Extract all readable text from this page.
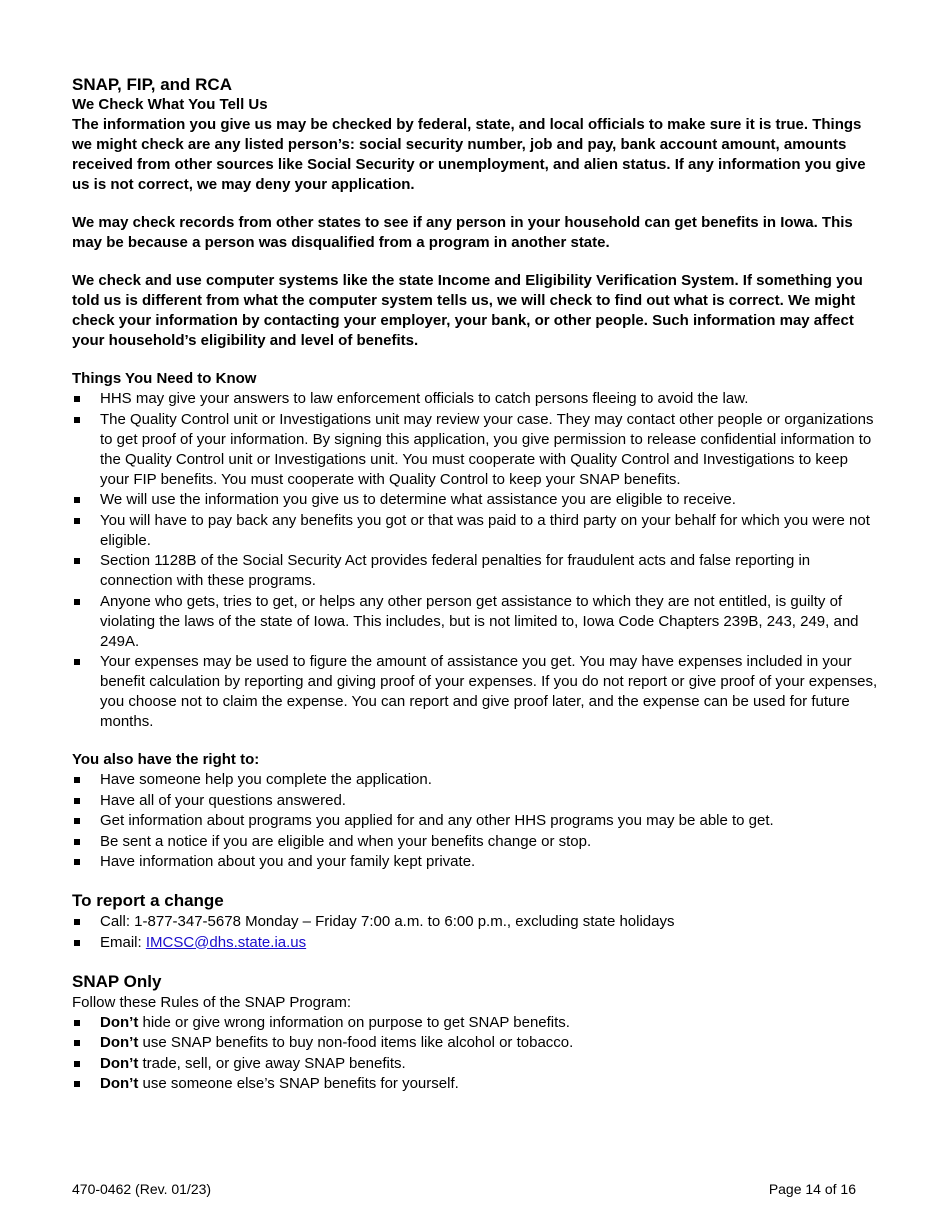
SNAP, FIP, and RCA
We Check What You Tell Us

The information you give us may be checked by federal, state, and local officials to make sure it is true. Things we might check are any listed person’s: social security number, job and pay, bank account amount, amounts received from other sources like Social Security or unemployment, and alien status. If any information you give us is not correct, we may deny your application.

We may check records from other states to see if any person in your household can get benefits in Iowa. This may be because a person was disqualified from a program in another state.

We check and use computer systems like the state Income and Eligibility Verification System. If something you told us is different from what the computer system tells us, we will check to find out what is correct. We might check your information by contacting your employer, your bank, or other people. Such information may affect your household’s eligibility and level of benefits.

Things You Need to Know
HHS may give your answers to law enforcement officials to catch persons fleeing to avoid the law.
The Quality Control unit or Investigations unit may review your case. They may contact other people or organizations to get proof of your information. By signing this application, you give permission to release confidential information to the Quality Control unit or Investigations unit. You must cooperate with Quality Control and Investigations to keep your FIP benefits. You must cooperate with Quality Control to keep your SNAP benefits.
We will use the information you give us to determine what assistance you are eligible to receive.
You will have to pay back any benefits you got or that was paid to a third party on your behalf for which you were not eligible.
Section 1128B of the Social Security Act provides federal penalties for fraudulent acts and false reporting in connection with these programs.
Anyone who gets, tries to get, or helps any other person get assistance to which they are not entitled, is guilty of violating the laws of the state of Iowa. This includes, but is not limited to, Iowa Code Chapters 239B, 243, 249, and 249A.
Your expenses may be used to figure the amount of assistance you get. You may have expenses included in your benefit calculation by reporting and giving proof of your expenses. If you do not report or give proof of your expenses, you choose not to claim the expense. You can report and give proof later, and the expense can be used for future months.
You also have the right to:
Have someone help you complete the application.
Have all of your questions answered.
Get information about programs you applied for and any other HHS programs you may be able to get.
Be sent a notice if you are eligible and when your benefits change or stop.
Have information about you and your family kept private.
To report a change
Call: 1-877-347-5678 Monday – Friday 7:00 a.m. to 6:00 p.m., excluding state holidays
Email: IMCSC@dhs.state.ia.us
SNAP Only
Follow these Rules of the SNAP Program:
Don’t hide or give wrong information on purpose to get SNAP benefits.
Don’t use SNAP benefits to buy non-food items like alcohol or tobacco.
Don’t trade, sell, or give away SNAP benefits.
Don’t use someone else’s SNAP benefits for yourself.
470-0462 (Rev. 01/23)	Page 14 of 16
